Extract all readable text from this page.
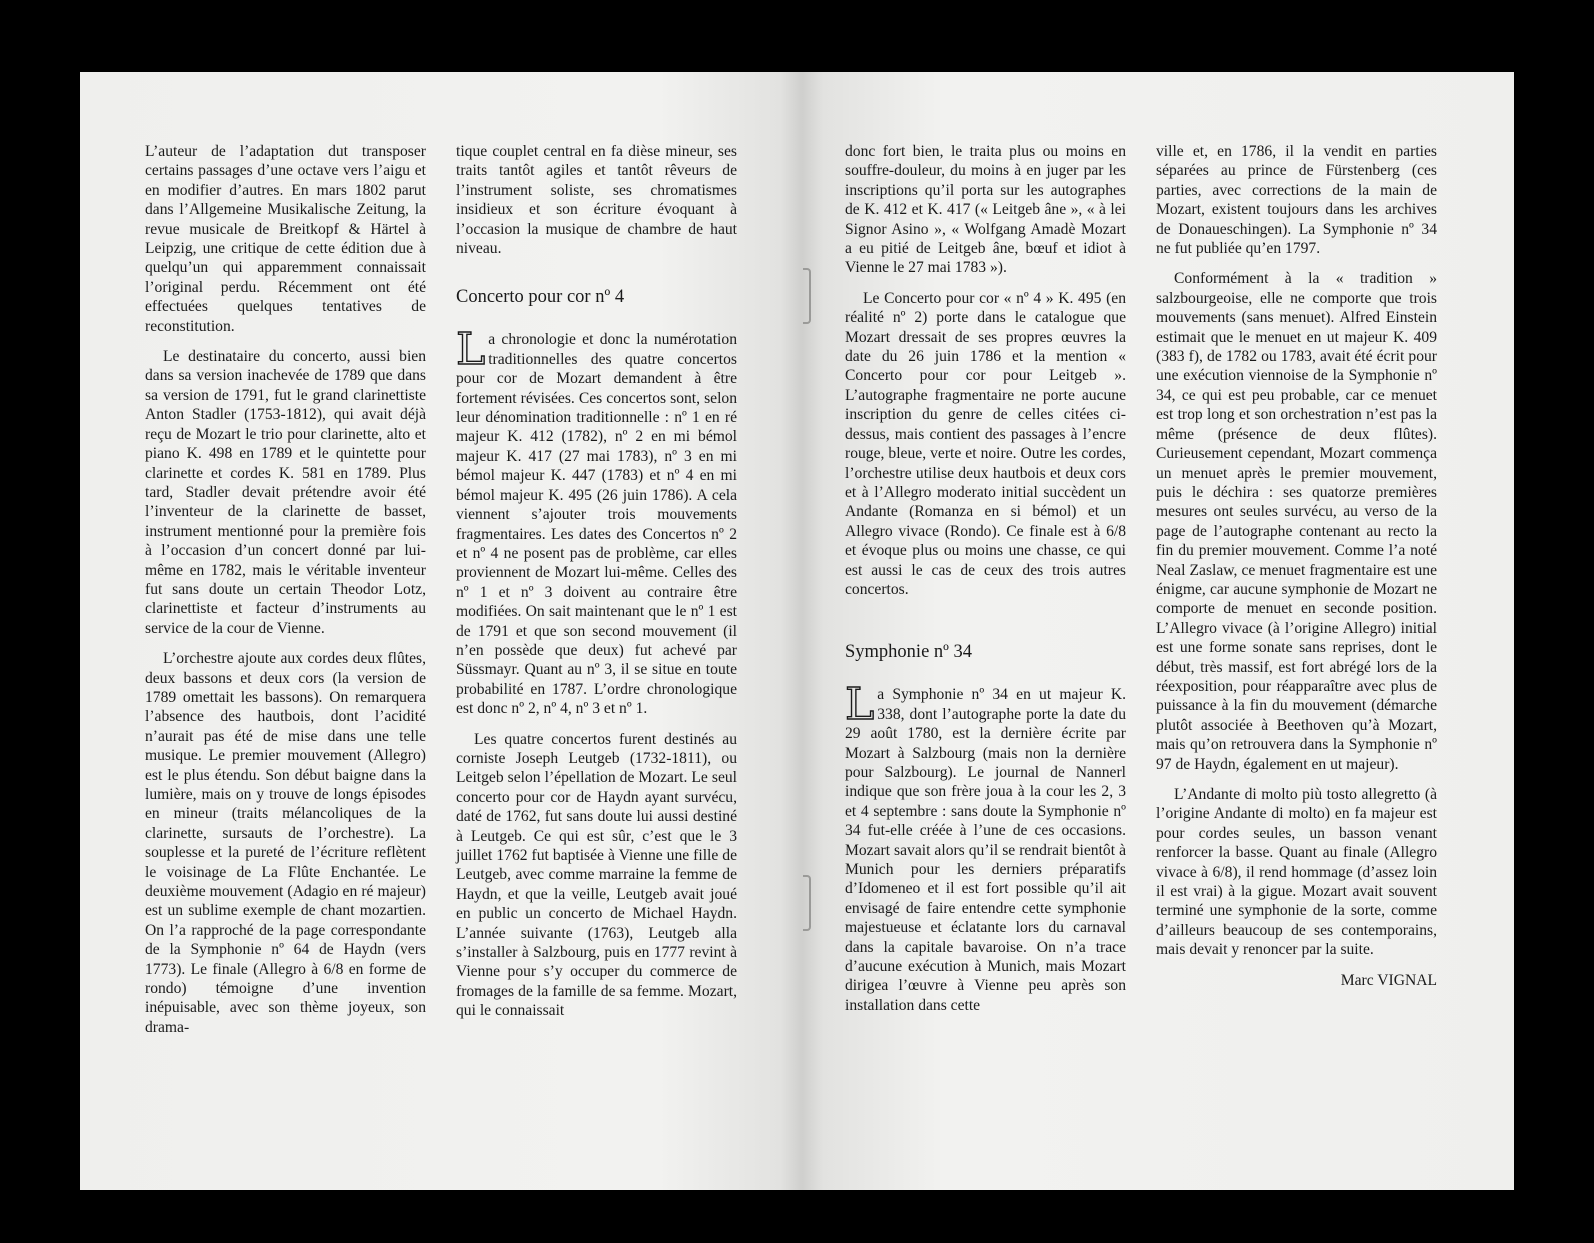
L’auteur de l’adaptation dut transposer certains passages d’une octave vers l’aigu et en modifier d’autres. En mars 1802 parut dans l’Allgemeine Musikalische Zeitung, la revue musicale de Breitkopf & Härtel à Leipzig, une critique de cette édition due à quelqu’un qui apparemment connaissait l’original perdu. Récemment ont été effectuées quelques tentatives de reconstitution.

Le destinataire du concerto, aussi bien dans sa version inachevée de 1789 que dans sa version de 1791, fut le grand clarinettiste Anton Stadler (1753-1812), qui avait déjà reçu de Mozart le trio pour clarinette, alto et piano K. 498 en 1789 et le quintette pour clarinette et cordes K. 581 en 1789. Plus tard, Stadler devait prétendre avoir été l’inventeur de la clarinette de basset, instrument mentionné pour la première fois à l’occasion d’un concert donné par lui-même en 1782, mais le véritable inventeur fut sans doute un certain Theodor Lotz, clarinettiste et facteur d’instruments au service de la cour de Vienne.

L’orchestre ajoute aux cordes deux flûtes, deux bassons et deux cors (la version de 1789 omettait les bassons). On remarquera l’absence des hautbois, dont l’acidité n’aurait pas été de mise dans une telle musique. Le premier mouvement (Allegro) est le plus étendu. Son début baigne dans la lumière, mais on y trouve de longs épisodes en mineur (traits mélancoliques de la clarinette, sursauts de l’orchestre). La souplesse et la pureté de l’écriture reflètent le voisinage de La Flûte Enchantée. Le deuxième mouvement (Adagio en ré majeur) est un sublime exemple de chant mozartien. On l’a rapproché de la page correspondante de la Symphonie nº 64 de Haydn (vers 1773). Le finale (Allegro à 6/8 en forme de rondo) témoigne d’une invention inépuisable, avec son thème joyeux, son drama-

tique couplet central en fa dièse mineur, ses traits tantôt agiles et tantôt rêveurs de l’instrument soliste, ses chromatismes insidieux et son écriture évoquant à l’occasion la musique de chambre de haut niveau.

Concerto pour cor nº 4

La chronologie et donc la numérotation traditionnelles des quatre concertos pour cor de Mozart demandent à être fortement révisées. Ces concertos sont, selon leur dénomination traditionnelle : nº 1 en ré majeur K. 412 (1782), nº 2 en mi bémol majeur K. 417 (27 mai 1783), nº 3 en mi bémol majeur K. 447 (1783) et nº 4 en mi bémol majeur K. 495 (26 juin 1786). A cela viennent s’ajouter trois mouvements fragmentaires. Les dates des Concertos nº 2 et nº 4 ne posent pas de problème, car elles proviennent de Mozart lui-même. Celles des nº 1 et nº 3 doivent au contraire être modifiées. On sait maintenant que le nº 1 est de 1791 et que son second mouvement (il n’en possède que deux) fut achevé par Süssmayr. Quant au nº 3, il se situe en toute probabilité en 1787. L’ordre chronologique est donc nº 2, nº 4, nº 3 et nº 1.

Les quatre concertos furent destinés au corniste Joseph Leutgeb (1732-1811), ou Leitgeb selon l’épellation de Mozart. Le seul concerto pour cor de Haydn ayant survécu, daté de 1762, fut sans doute lui aussi destiné à Leutgeb. Ce qui est sûr, c’est que le 3 juillet 1762 fut baptisée à Vienne une fille de Leutgeb, avec comme marraine la femme de Haydn, et que la veille, Leutgeb avait joué en public un concerto de Michael Haydn. L’année suivante (1763), Leutgeb alla s’installer à Salzbourg, puis en 1777 revint à Vienne pour s’y occuper du commerce de fromages de la famille de sa femme. Mozart, qui le connaissait

donc fort bien, le traita plus ou moins en souffre-douleur, du moins à en juger par les inscriptions qu’il porta sur les autographes de K. 412 et K. 417 (« Leitgeb âne », « à lei Signor Asino », « Wolfgang Amadè Mozart a eu pitié de Leitgeb âne, bœuf et idiot à Vienne le 27 mai 1783 »).

Le Concerto pour cor « nº 4 » K. 495 (en réalité nº 2) porte dans le catalogue que Mozart dressait de ses propres œuvres la date du 26 juin 1786 et la mention « Concerto pour cor pour Leitgeb ». L’autographe fragmentaire ne porte aucune inscription du genre de celles citées ci-dessus, mais contient des passages à l’encre rouge, bleue, verte et noire. Outre les cordes, l’orchestre utilise deux hautbois et deux cors et à l’Allegro moderato initial succèdent un Andante (Romanza en si bémol) et un Allegro vivace (Rondo). Ce finale est à 6/8 et évoque plus ou moins une chasse, ce qui est aussi le cas de ceux des trois autres concertos.

Symphonie nº 34

La Symphonie nº 34 en ut majeur K. 338, dont l’autographe porte la date du 29 août 1780, est la dernière écrite par Mozart à Salzbourg (mais non la dernière pour Salzbourg). Le journal de Nannerl indique que son frère joua à la cour les 2, 3 et 4 septembre : sans doute la Symphonie nº 34 fut-elle créée à l’une de ces occasions. Mozart savait alors qu’il se rendrait bientôt à Munich pour les derniers préparatifs d’Idomeneo et il est fort possible qu’il ait envisagé de faire entendre cette symphonie majestueuse et éclatante lors du carnaval dans la capitale bavaroise. On n’a trace d’aucune exécution à Munich, mais Mozart dirigea l’œuvre à Vienne peu après son installation dans cette

ville et, en 1786, il la vendit en parties séparées au prince de Fürstenberg (ces parties, avec corrections de la main de Mozart, existent toujours dans les archives de Donaueschingen). La Symphonie nº 34 ne fut publiée qu’en 1797.

Conformément à la « tradition » salzbourgeoise, elle ne comporte que trois mouvements (sans menuet). Alfred Einstein estimait que le menuet en ut majeur K. 409 (383 f), de 1782 ou 1783, avait été écrit pour une exécution viennoise de la Symphonie nº 34, ce qui est peu probable, car ce menuet est trop long et son orchestration n’est pas la même (présence de deux flûtes). Curieusement cependant, Mozart commença un menuet après le premier mouvement, puis le déchira : ses quatorze premières mesures ont seules survécu, au verso de la page de l’autographe contenant au recto la fin du premier mouvement. Comme l’a noté Neal Zaslaw, ce menuet fragmentaire est une énigme, car aucune symphonie de Mozart ne comporte de menuet en seconde position. L’Allegro vivace (à l’origine Allegro) initial est une forme sonate sans reprises, dont le début, très massif, est fort abrégé lors de la réexposition, pour réapparaître avec plus de puissance à la fin du mouvement (démarche plutôt associée à Beethoven qu’à Mozart, mais qu’on retrouvera dans la Symphonie nº 97 de Haydn, également en ut majeur).

L’Andante di molto più tosto allegretto (à l’origine Andante di molto) en fa majeur est pour cordes seules, un basson venant renforcer la basse. Quant au finale (Allegro vivace à 6/8), il rend hommage (d’assez loin il est vrai) à la gigue. Mozart avait souvent terminé une symphonie de la sorte, comme d’ailleurs beaucoup de ses contemporains, mais devait y renoncer par la suite.

Marc VIGNAL
